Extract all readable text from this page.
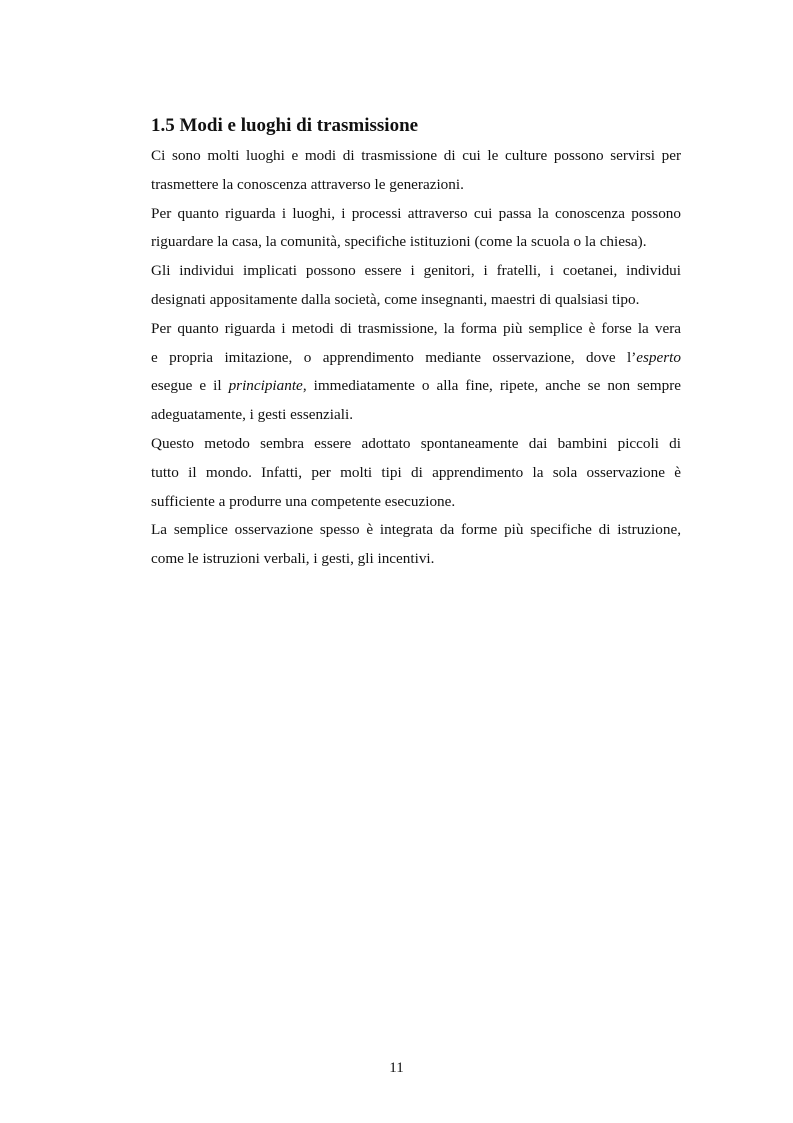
1.5 Modi e luoghi di trasmissione
Ci sono molti luoghi e modi di trasmissione di cui le culture possono servirsi per
trasmettere la conoscenza attraverso le generazioni.
Per quanto riguarda i luoghi, i processi attraverso cui passa la conoscenza possono
riguardare la casa, la comunità, specifiche istituzioni (come la scuola o la chiesa).
Gli individui implicati possono essere i genitori, i fratelli, i coetanei, individui
designati appositamente dalla società, come insegnanti, maestri di qualsiasi tipo.
Per quanto riguarda i metodi di trasmissione, la forma più semplice è forse la vera
e propria imitazione, o apprendimento mediante osservazione, dove l’esperto
esegue e il principiante, immediatamente o alla fine, ripete, anche se non sempre
adeguatamente, i gesti essenziali.
Questo metodo sembra essere adottato spontaneamente dai bambini piccoli di
tutto il mondo. Infatti, per molti tipi di apprendimento la sola osservazione è
sufficiente a produrre una competente esecuzione.
La semplice osservazione spesso è integrata da forme più specifiche di istruzione,
come le istruzioni verbali, i gesti, gli incentivi.
11
